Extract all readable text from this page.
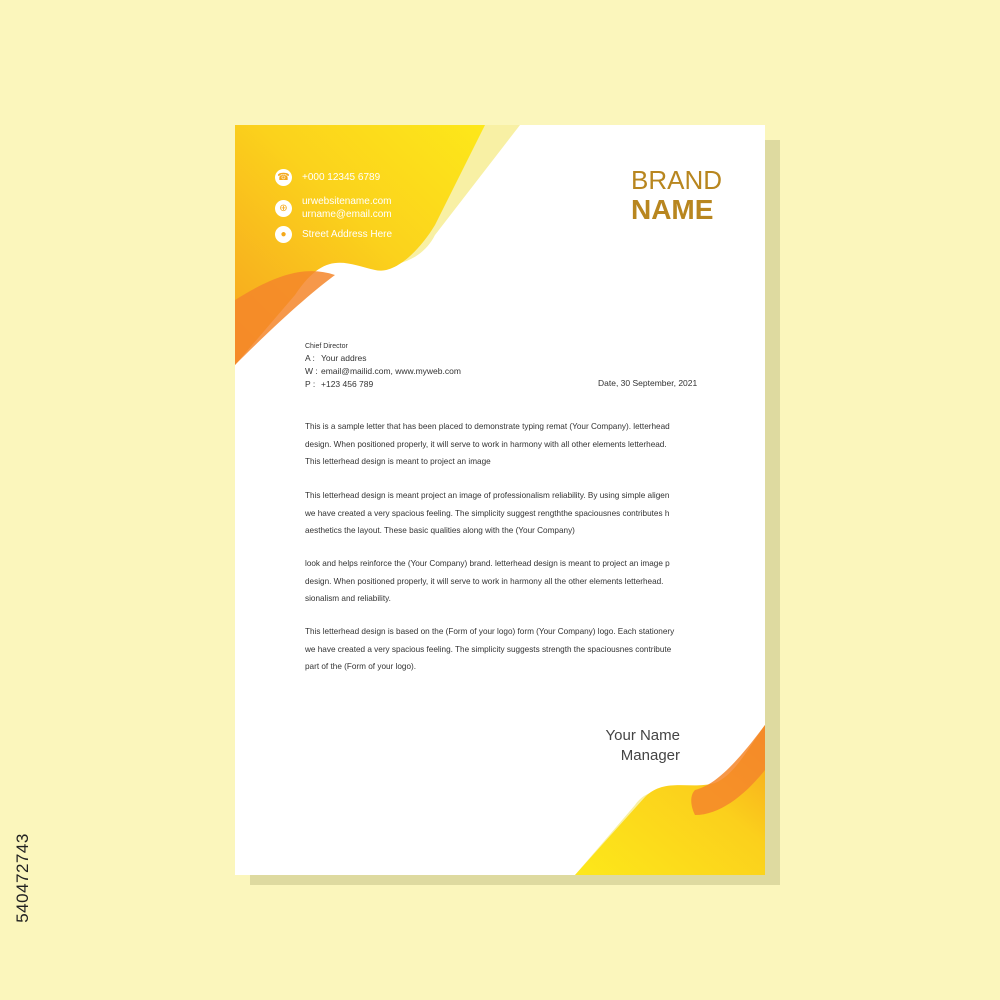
☎ +000 12345 6789
⊕
urwebsitename.com
urname@email.com
●	Street Address Here
BRAND
NAME
Chief Director
A : Your addres
W : email@mailid.com, www.myweb.com
P : +123 456 789	Date, 30 September, 2021
This is a sample letter that has been placed to demonstrate typing remat (Your Company). letterhead
design. When positioned properly, it will serve to work in harmony with all other elements letterhead.
This letterhead design is meant to project an image
This letterhead design is meant project an image of professionalism reliability. By using simple aligen
we have created a very spacious feeling. The simplicity suggest rengththe spaciousnes contributes h
aesthetics the layout. These basic qualities along with the (Your Company)
look and helps reinforce the (Your Company) brand. letterhead design is meant to project an image p
design. When positioned properly, it will serve to work in harmony all the other elements letterhead.
sionalism and reliability.
This letterhead design is based on the (Form of your logo) form (Your Company) logo. Each stationery
we have created a very spacious feeling. The simplicity suggests strength the spaciousnes contribute
part of the (Form of your logo).
Your Name
Manager
540472743
